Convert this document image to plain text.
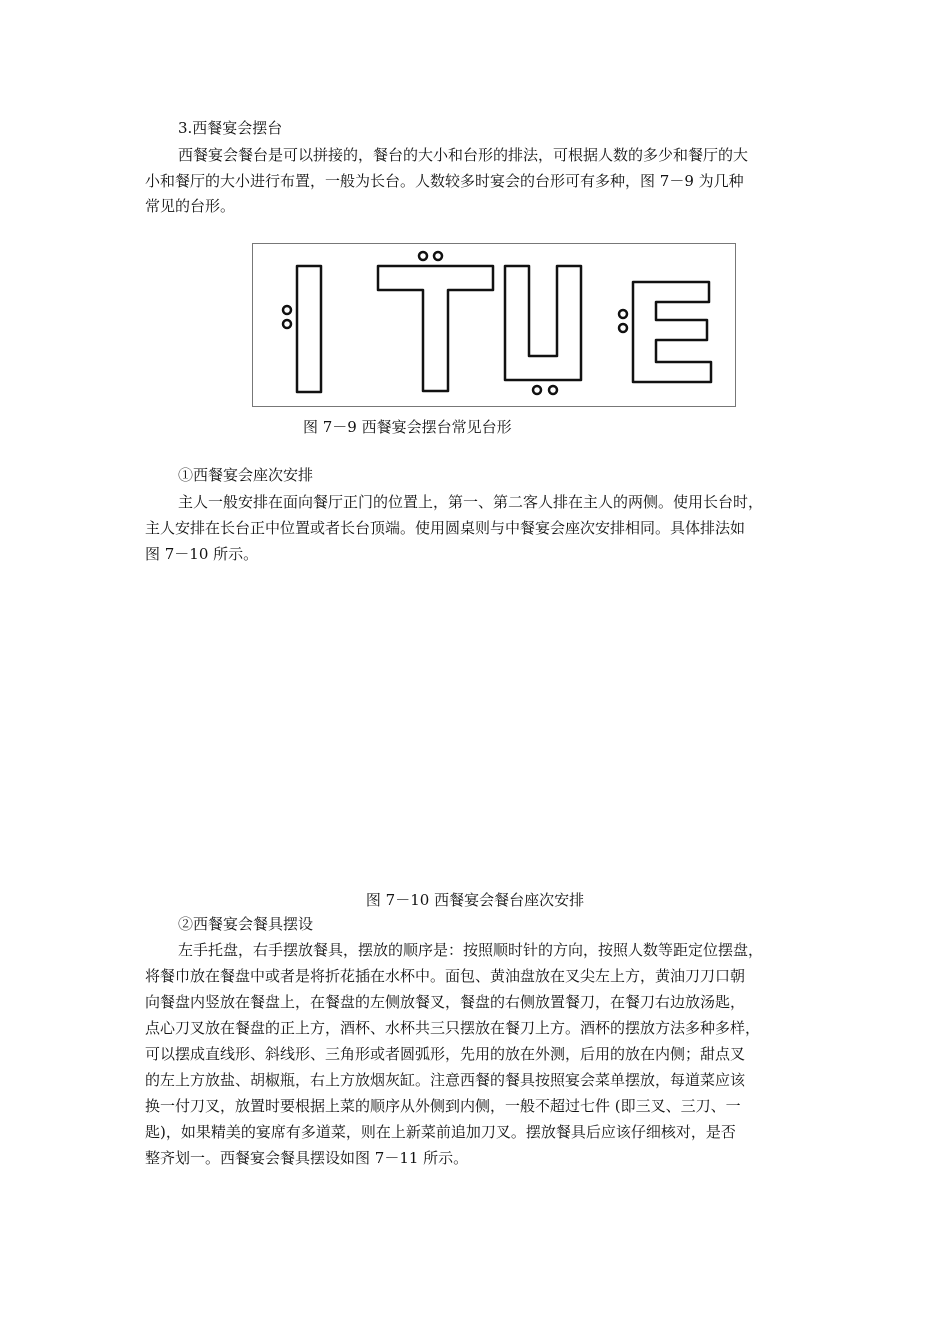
3.西餐宴会摆台
西餐宴会餐台是可以拼接的，餐台的大小和台形的排法，可根据人数的多少和餐厅的大
小和餐厅的大小进行布置，一般为长台。人数较多时宴会的台形可有多种，图 7－9 为几种
常见的台形。
图 7－9 西餐宴会摆台常见台形
①西餐宴会座次安排
主人一般安排在面向餐厅正门的位置上，第一、第二客人排在主人的两侧。使用长台时，
主人安排在长台正中位置或者长台顶端。使用圆桌则与中餐宴会座次安排相同。具体排法如
图 7－10 所示。
图 7－10 西餐宴会餐台座次安排
②西餐宴会餐具摆设
左手托盘，右手摆放餐具，摆放的顺序是：按照顺时针的方向，按照人数等距定位摆盘，
将餐巾放在餐盘中或者是将折花插在水杯中。面包、黄油盘放在叉尖左上方，黄油刀刀口朝
向餐盘内竖放在餐盘上，在餐盘的左侧放餐叉，餐盘的右侧放置餐刀，在餐刀右边放汤匙，
点心刀叉放在餐盘的正上方，酒杯、水杯共三只摆放在餐刀上方。酒杯的摆放方法多种多样，
可以摆成直线形、斜线形、三角形或者圆弧形，先用的放在外测，后用的放在内侧；甜点叉
的左上方放盐、胡椒瓶，右上方放烟灰缸。注意西餐的餐具按照宴会菜单摆放，每道菜应该
换一付刀叉，放置时要根据上菜的顺序从外侧到内侧，一般不超过七件 (即三叉、三刀、一
匙)，如果精美的宴席有多道菜，则在上新菜前追加刀叉。摆放餐具后应该仔细核对，是否
整齐划一。西餐宴会餐具摆设如图 7－11 所示。
